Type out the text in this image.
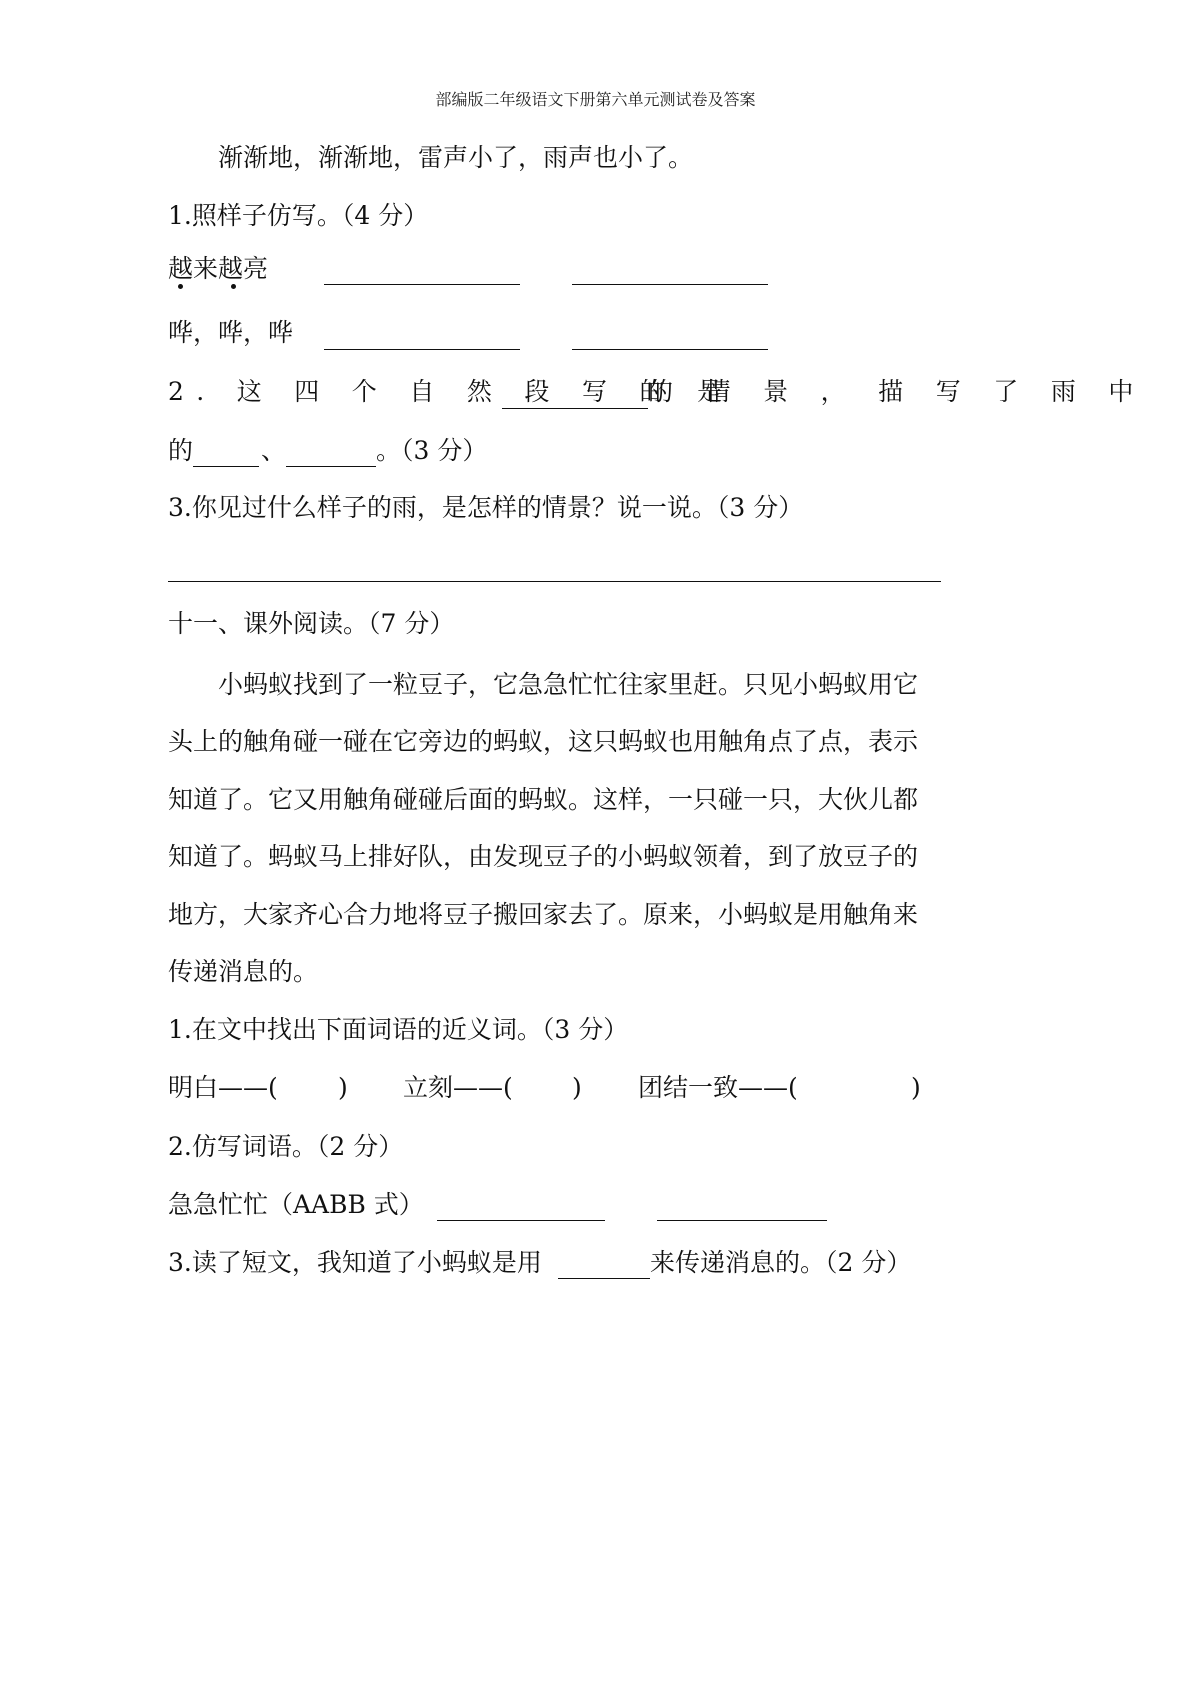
部编版二年级语文下册第六单元测试卷及答案
渐渐地，渐渐地，雷声小了，雨声也小了。
1.照样子仿写。（4 分）
越来越亮
哗，哗，哗
2. 这 四 个 自 然 段 写 的 是
的 情 景 ， 描 写 了 雨 中
的	、	。（3 分）
3.你见过什么样子的雨，是怎样的情景？说一说。（3 分）
十一、课外阅读。（7 分）
小蚂蚁找到了一粒豆子，它急急忙忙往家里赶。只见小蚂蚁用它
头上的触角碰一碰在它旁边的蚂蚁，这只蚂蚁也用触角点了点，表示
知道了。它又用触角碰碰后面的蚂蚁。这样，一只碰一只，大伙儿都
知道了。蚂蚁马上排好队，由发现豆子的小蚂蚁领着，到了放豆子的
地方，大家齐心合力地将豆子搬回家去了。原来，小蚂蚁是用触角来
传递消息的。
1.在文中找出下面词语的近义词。（3 分）
明白——( ) 立刻——( ) 团结一致——(	)
2.仿写词语。（2 分）
急急忙忙（AABB 式）
3.读了短文，我知道了小蚂蚁是用	来传递消息的。（2 分）
